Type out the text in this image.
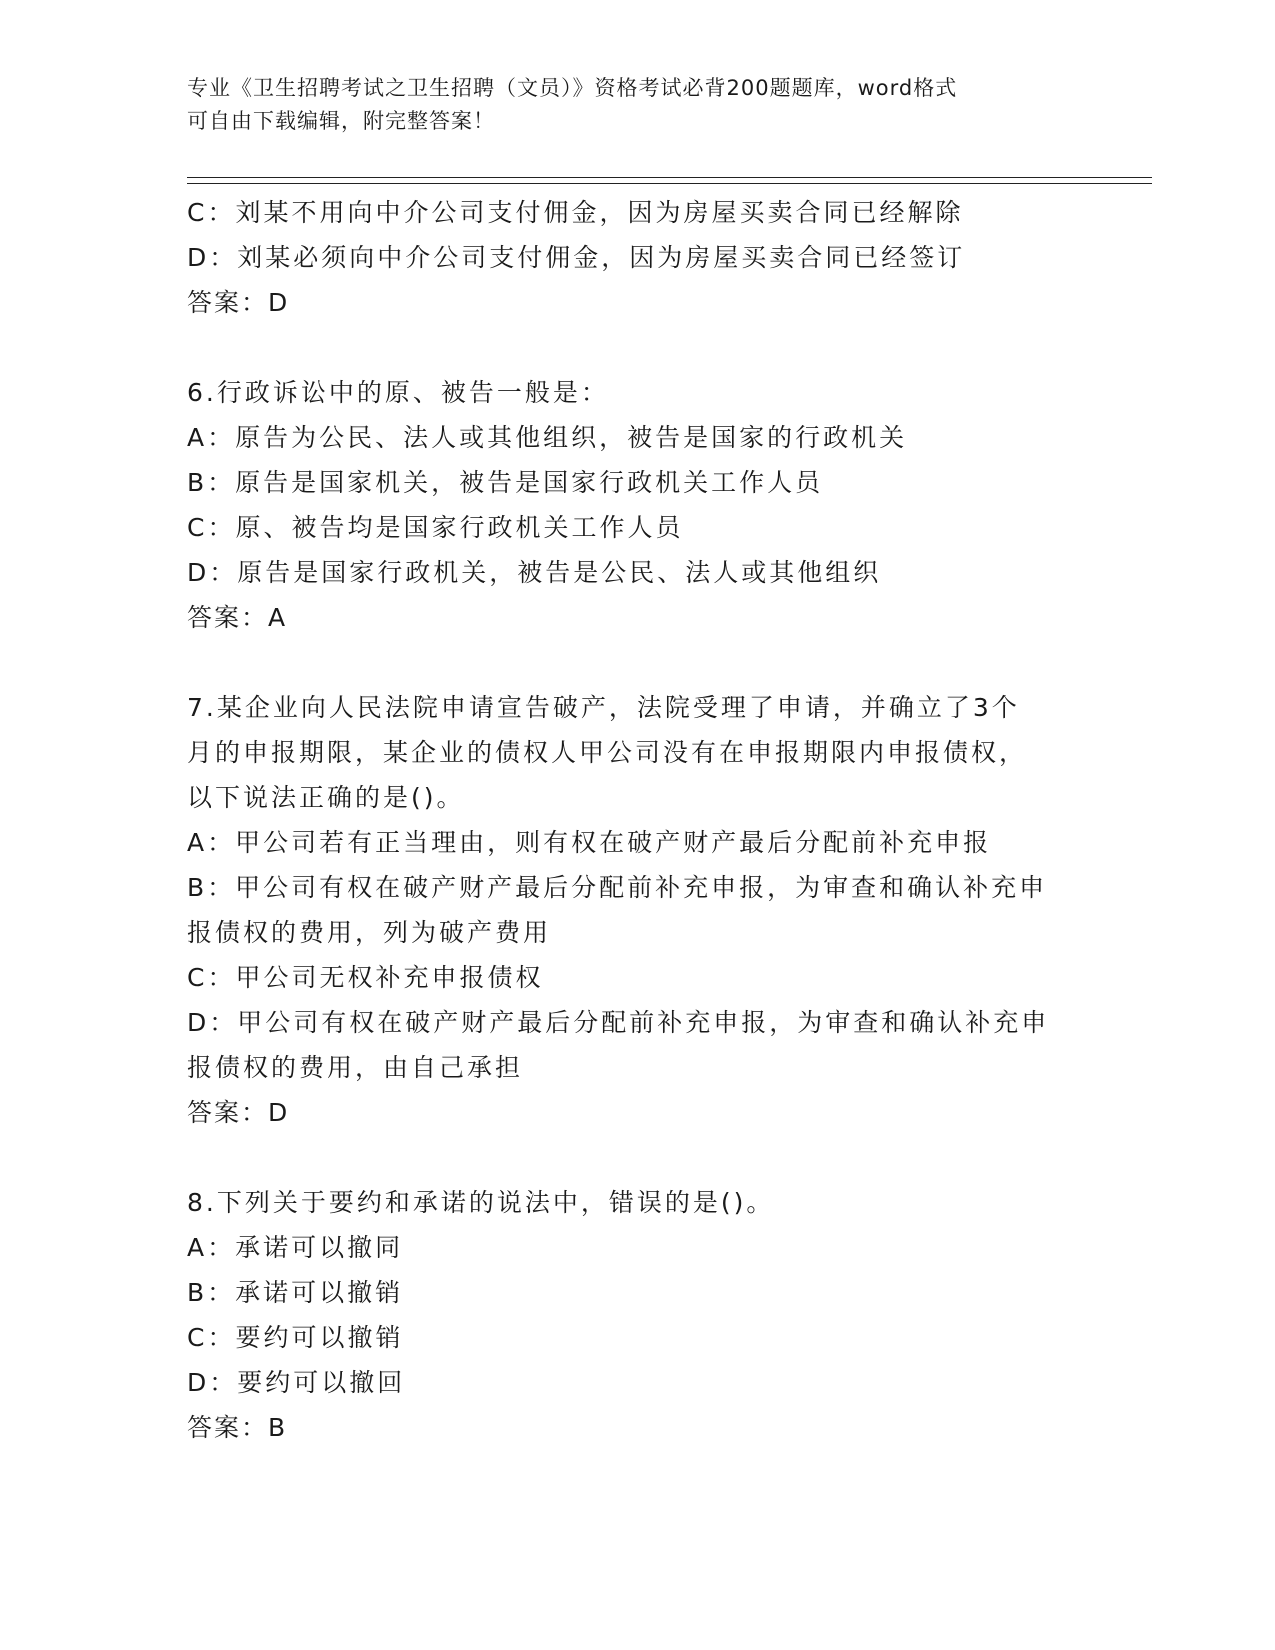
专业《卫生招聘考试之卫生招聘（文员）》资格考试必背200题题库，word格式
可自由下载编辑，附完整答案！
C：刘某不用向中介公司支付佣金，因为房屋买卖合同已经解除
D：刘某必须向中介公司支付佣金，因为房屋买卖合同已经签订
答案：D
6.行政诉讼中的原、被告一般是：
A：原告为公民、法人或其他组织，被告是国家的行政机关
B：原告是国家机关，被告是国家行政机关工作人员
C：原、被告均是国家行政机关工作人员
D：原告是国家行政机关，被告是公民、法人或其他组织
答案：A
7.某企业向人民法院申请宣告破产，法院受理了申请，并确立了3个
月的申报期限，某企业的债权人甲公司没有在申报期限内申报债权，
以下说法正确的是()。
A：甲公司若有正当理由，则有权在破产财产最后分配前补充申报
B：甲公司有权在破产财产最后分配前补充申报，为审查和确认补充申
报债权的费用，列为破产费用
C：甲公司无权补充申报债权
D：甲公司有权在破产财产最后分配前补充申报，为审查和确认补充申
报债权的费用，由自己承担
答案：D
8.下列关于要约和承诺的说法中，错误的是()。
A：承诺可以撤同
B：承诺可以撤销
C：要约可以撤销
D：要约可以撤回
答案：B
